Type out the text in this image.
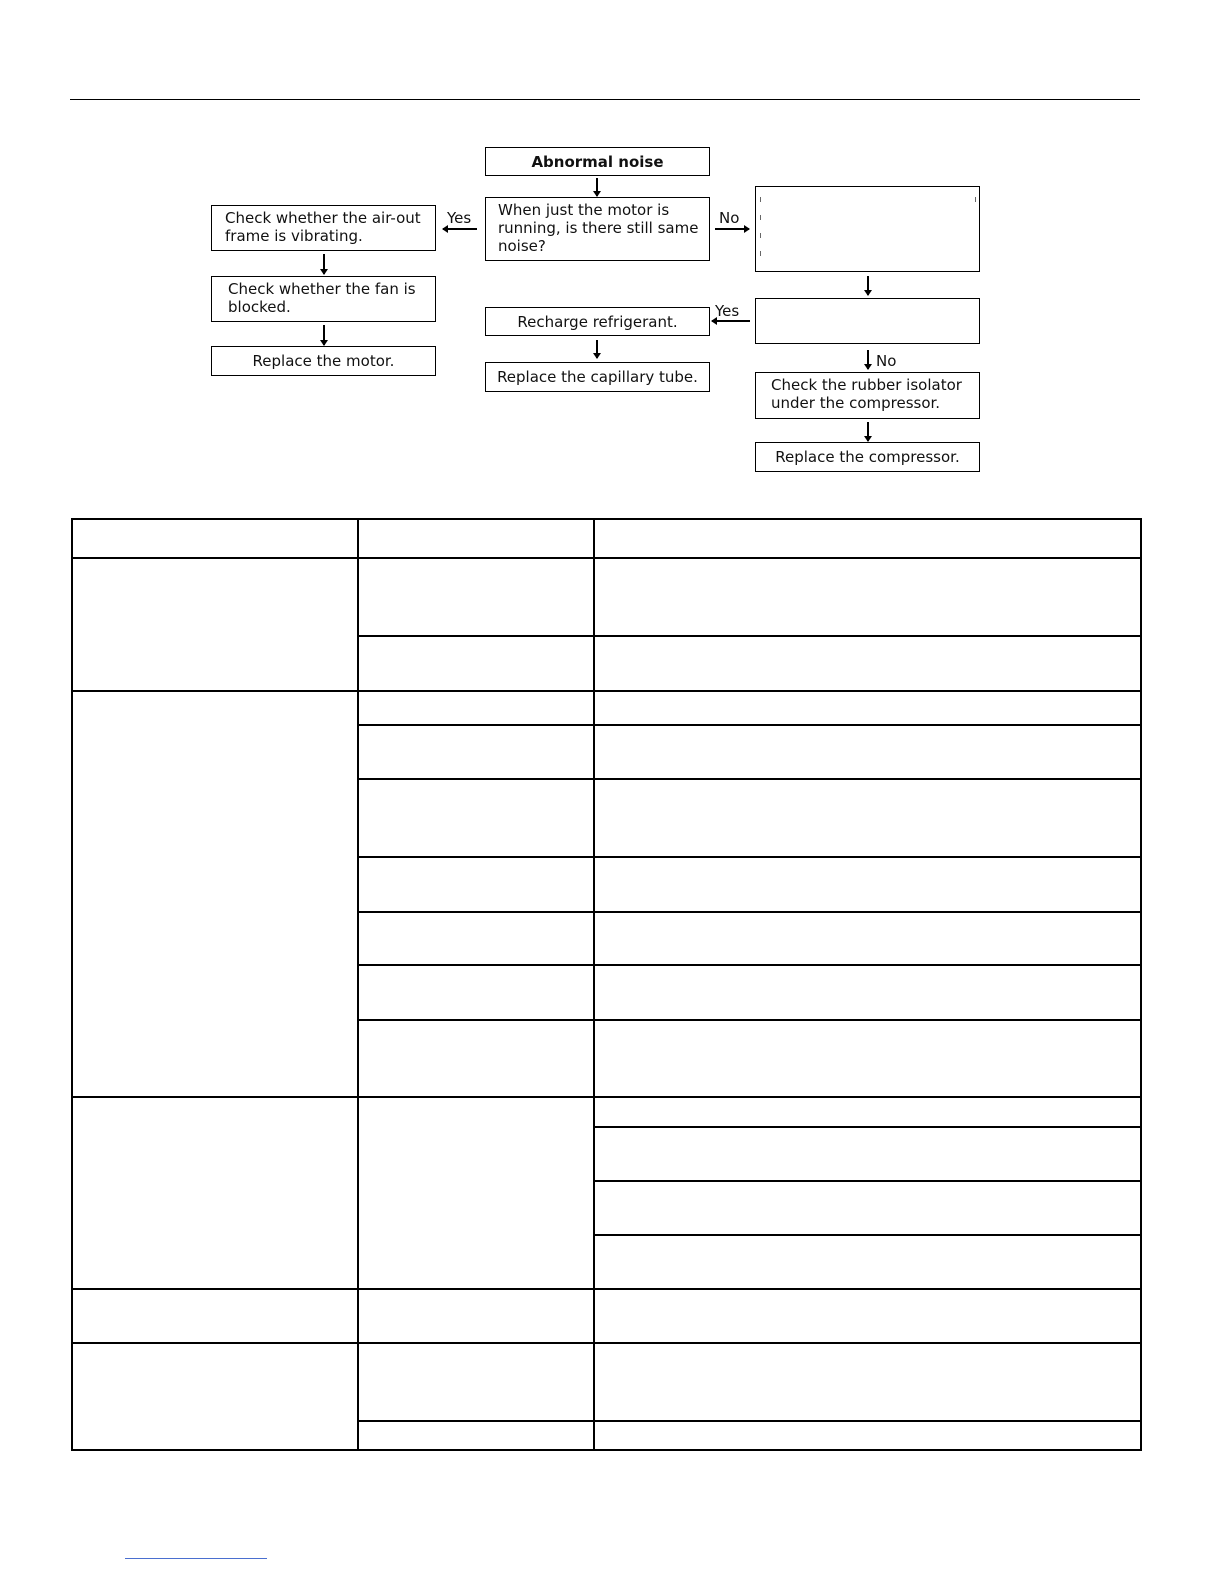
Abnormal noise
When just the motor is running, is there still same noise?
Yes	No
Check whether the air-out frame is vibrating.
Check whether the fan is blocked.
Replace the motor.
Yes
Recharge refrigerant.
Replace the capillary tube.
No
Check the rubber isolator under the compressor.
Replace the compressor.
